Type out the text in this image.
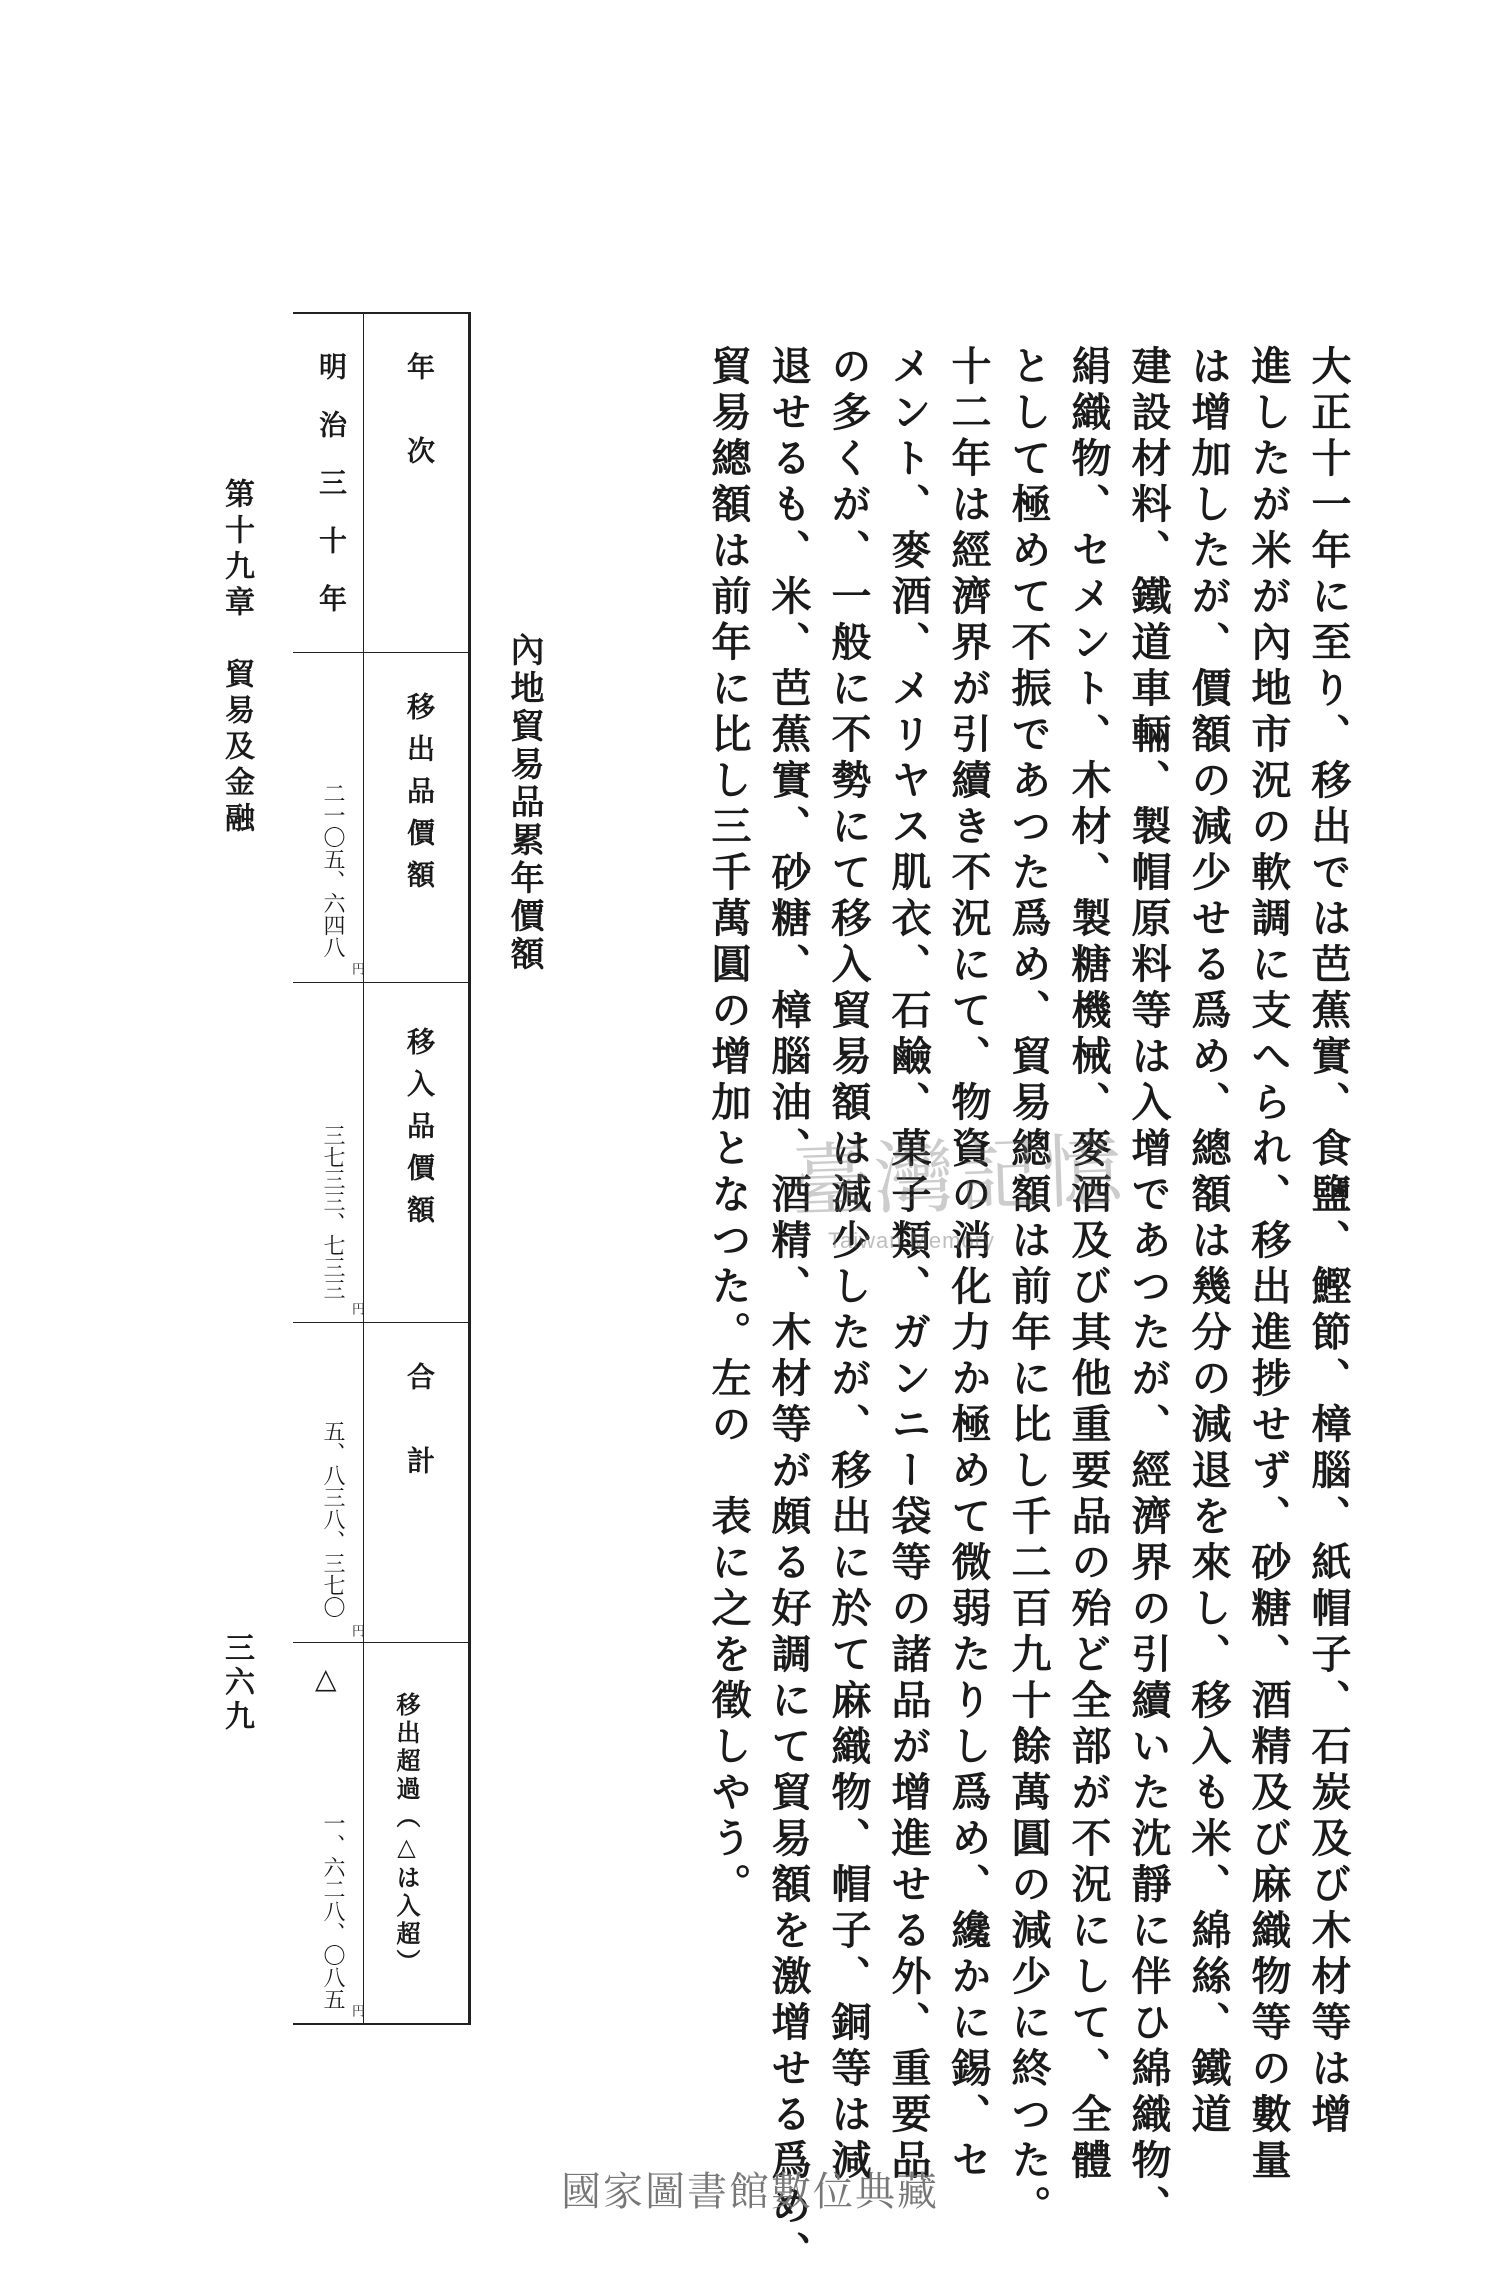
大正十一年に至り、移出では芭蕉實、食鹽、鰹節、樟腦、紙帽子、石炭及び木材等は增
進したが米が內地市況の軟調に支へられ、移出進捗せず、砂糖、酒精及び麻織物等の數量
は增加したが、價額の減少せる爲め、總額は幾分の減退を來し、移入も米、綿絲、鐵道
建設材料、鐵道車輛、製帽原料等は入增であつたが、經濟界の引續いた沈靜に伴ひ綿織物、
絹織物、セメント、木材、製糖機械、麥酒及び其他重要品の殆ど全部が不況にして、全體
として極めて不振であつた爲め、貿易總額は前年に比し千二百九十餘萬圓の減少に終つた。
十二年は經濟界が引續き不況にて、物資の消化力か極めて微弱たりし爲め、纔かに錫、セ
メント、麥酒、メリヤス肌衣、石鹼、菓子類、ガンニー袋等の諸品が增進せる外、重要品
の多くが、一般に不勢にて移入貿易額は減少したが、移出に於て麻織物、帽子、銅等は減
退せるも、米、芭蕉實、砂糖、樟腦油、酒精、木材等が頗る好調にて貿易額を激增せる爲め、
貿易總額は前年に比し三千萬圓の增加となつた。左の　表に之を徵しやう。
內地貿易品累年價額
年　次
移出品價額
移入品價額
合　計
移出超過（△は入超）
明治三十年
二一〇五、六四八
円
三七三三、七三三
円
五、八三八、三七〇
円
△
一、六二八、〇八五
円
第十九章　貿易及金融
三六九
臺灣記憶
Taiwan Memory
國家圖書館數位典藏
